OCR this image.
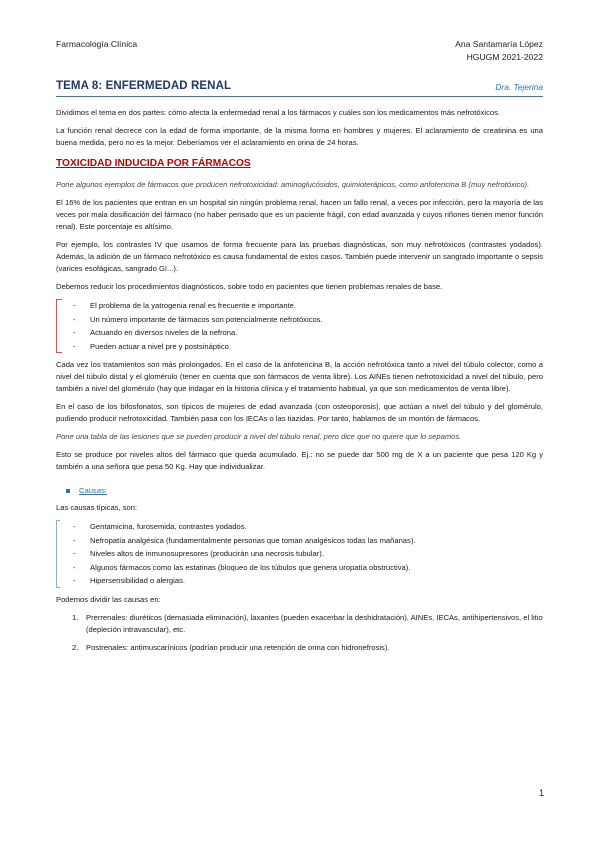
Farmacología Clínica	Ana Santamaría López
HGUGM 2021-2022
TEMA 8: ENFERMEDAD RENAL	Dra. Tejerina

Dividimos el tema en dos partes: cómo afecta la enfermedad renal a los fármacos y cuáles son los medicamentos más nefrotóxicos.

La función renal decrece con la edad de forma importante, de la misma forma en hombres y mujeres. El aclaramiento de creatinina es una buena medida, pero no es la mejor. Deberíamos ver el aclaramiento en orina de 24 horas.

TOXICIDAD INDUCIDA POR FÁRMACOS

Pone algunos ejemplos de fármacos que producen nefrotoxicidad: aminoglucósidos, quimioterápicos, como anfotericina B (muy nefrotóxico).

El 16% de los pacientes que entran en un hospital sin ningún problema renal, hacen un fallo renal, a veces por infección, pero la mayoría de las veces por mala dosificación del fármaco (no haber pensado que es un paciente frágil, con edad avanzada y cuyos riñones tienen menor función renal). Este porcentaje es altísimo.

Por ejemplo, los contrastes IV que usamos de forma frecuente para las pruebas diagnósticas, son muy nefrotóxicos (contrastes yodados). Además, la adición de un fármaco nefrotóxico es causa fundamental de estos casos. También puede intervenir un sangrado importante o sepsis (varices esofágicas, sangrado GI...).

Debemos reducir los procedimientos diagnósticos, sobre todo en pacientes que tienen problemas renales de base.

- El problema de la yatrogenia renal es frecuente e importante.
- Un número importante de fármacos son potencialmente nefrotóxicos.
- Actuando en diversos niveles de la nefrona.
- Pueden actuar a nivel pre y postsináptico.

Cada vez los tratamientos son más prolongados. En el caso de la anfotericina B, la acción nefrotóxica tanto a nivel del túbulo colector, como a nivel del túbulo distal y el glomérulo (tener en cuenta que son fármacos de venta libre). Los AINEs tienen nefrotoxicidad a nivel del túbulo, pero también a nivel del glomérulo (hay que indagar en la historia clínica y el tratamiento habitual, ya que son medicamentos de venta libre).

En el caso de los bifosfonatos, son típicos de mujeres de edad avanzada (con osteoporosis), que actúan a nivel del túbulo y del glomérulo, pudiendo producir nefrotoxicidad. También pasa con los IECAs o las tiazidas. Por tanto, hablamos de un montón de fármacos.

Pone una tabla de las lesiones que se pueden producir a nivel del túbulo renal, pero dice que no quiere que lo sepamos.

Esto se produce por niveles altos del fármaco que queda acumulado. Ej.: no se puede dar 500 mg de X a un paciente que pesa 120 Kg y también a una señora que pesa 50 Kg. Hay que individualizar.

Causas:

Las causas típicas, son:

- Gentamicina, furosemida, contrastes yodados.
- Nefropatía analgésica (fundamentalmente personas que toman analgésicos todas las mañanas).
- Niveles altos de inmunosupresores (producirán una necrosis tubular).
- Algunos fármacos como las estatinas (bloqueo de los túbulos que genera uropatía obstructiva).
- Hipersensibilidad o alergias.

Podemos dividir las causas en:

1. Prerrenales: diuréticos (demasiada eliminación), laxantes (pueden exacerbar la deshidratación), AINEs, IECAs, antihipertensivos, el litio (depleción intravascular), etc.
2. Postrenales: antimuscarínicos (podrían producir una retención de orina con hidronefrosis).
1
